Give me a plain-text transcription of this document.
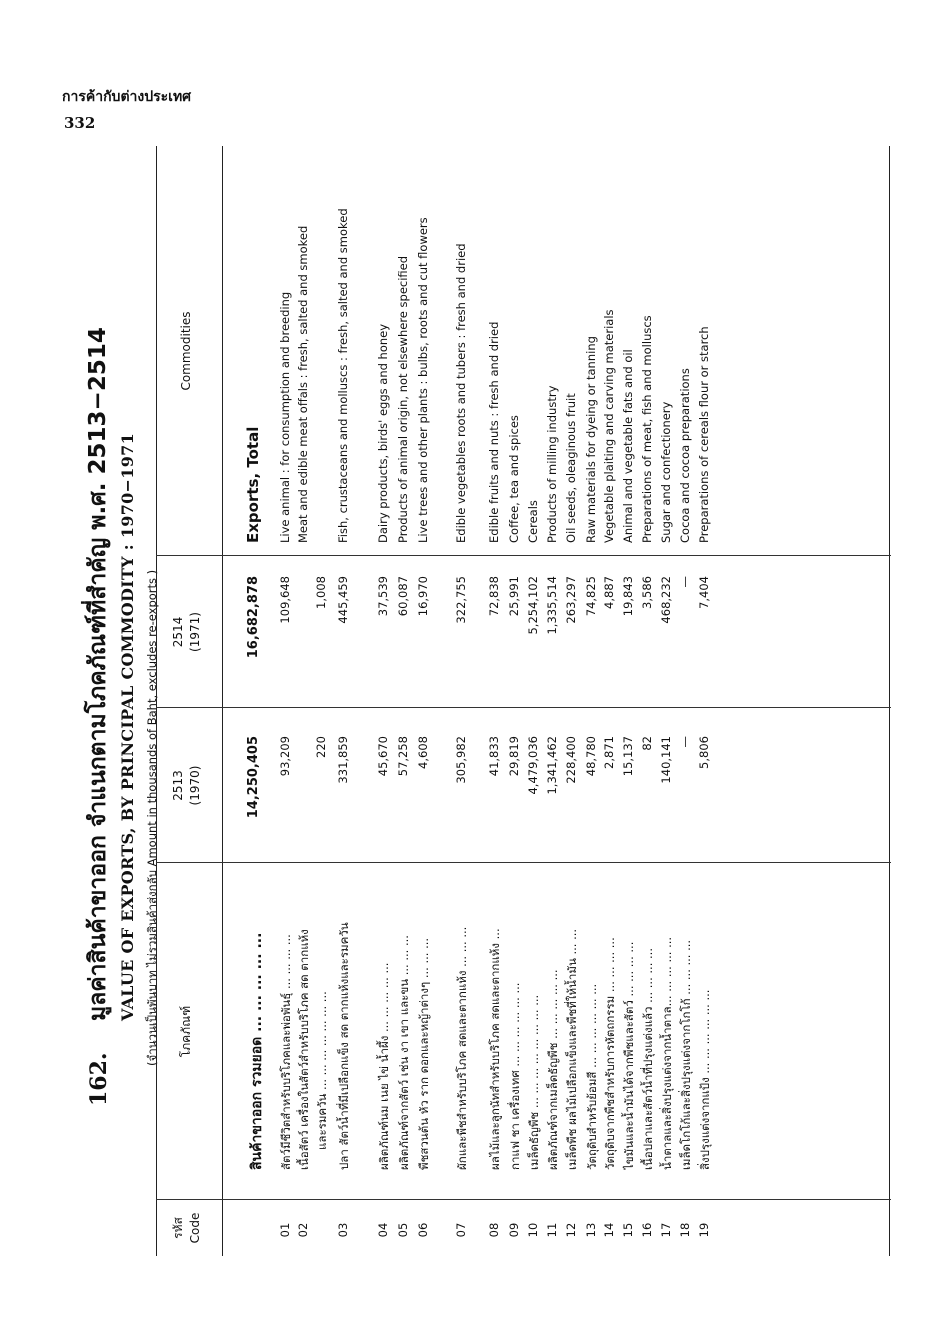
การค้ากับต่างประเทศ
332
162.
มูลค่าสินค้าขาออก จำแนกตามโภคภัณฑ์ที่สำคัญ พ.ศ. 2513−2514 VALUE OF EXPORTS, BY PRINCIPAL COMMODITY : 1970−1971 (จำนวนเป็นพันบาท ไม่รวมสินค้าส่งกลับ Amount in thousands of Baht, excludes re-exports )
รหัส Code
โภคภัณฑ์
2513 (1970)
2514 (1971)
Commodities
สินค้าขาออก รวมยอด ... ... ... ... ...
14,250,405
16,682,878
Exports, Total
01
สัตว์มีชีวิตสำหรับบริโภคและพ่อพันธุ์ ... ... ... ...
93,209
109,648
Live animal : for consumption and breeding
02
เนื้อสัตว์ เครื่องในสัตว์สำหรับบริโภค สด ตากแห้ง
220
1,008
Meat and edible meat offals : fresh, salted and smoked
และรมควัน ... ... ... ... ... ... ...
03
ปลา สัตว์น้ำที่มีเปลือกแข็ง สด ตากแห้งและรมควัน
331,859
445,459
Fish, crustaceans and molluscs : fresh, salted and smoked
04
ผลิตภัณฑ์นม เนย ไข่ น้ำผึ้ง ... ... ... ... ...
45,670
37,539
Dairy products, birds' eggs and honey
05
ผลิตภัณฑ์จากสัตว์ เช่น งา เขา และขน ... ... ...
57,258
60,087
Products of animal origin, not elsewhere specified
06
พืชสวนต้น หัว ราก ดอกและหญ้าต่างๆ ... ... ...
4,608
16,970
Live trees and other plants : bulbs, roots and cut flowers
07
ผักและพืชสำหรับบริโภค สดและตากแห้ง ... ... ...
305,982
322,755
Edible vegetables roots and tubers : fresh and dried
08
ผลไม้และลูกนัทสำหรับบริโภค สดและตากแห้ง ...
41,833
72,838
Edible fruits and nuts : fresh and dried
09
กาแฟ ชา เครื่องเทศ ... ... ... ... ... ...
29,819
25,991
Coffee, tea and spices
10
เมล็ดธัญพืช ... ... ... ... ... ... ... ...
4,479,036
5,254,102
Cereals
11
ผลิตภัณฑ์จากเมล็ดธัญพืช ... ... ... ... ...
1,341,462
1,335,514
Products of milling industry
12
เมล็ดพืช ผลไม้เปลือกแข็งและพืชที่ให้น้ำมัน ... ...
228,400
263,297
Oil seeds, oleaginous fruit
13
วัตถุดิบสำหรับย้อมสี ... ... ... ... ... ...
48,780
74,825
Raw materials for dyeing or tanning
14
วัตถุดิบจากพืชสำหรับการหัตถกรรม ... ... ... ...
2,871
4,887
Vegetable plaiting and carving materials
15
ไขมันและน้ำมันได้จากพืชและสัตว์ ... ... ... ...
15,137
19,843
Animal and vegetable fats and oil
16
เนื้อปลาและสัตว์น้ำที่ปรุงแต่งแล้ว ... ... ... ...
82
3,586
Preparations of meat, fish and molluscs
17
น้ำตาลและสิ่งปรุงแต่งจากน้ำตาล... ... ... ... ...
140,141
468,232
Sugar and confectionery
18
เมล็ดโกโก้และสิ่งปรุงแต่งจากโกโก้ ... ... ... ...
—
—
Cocoa and cocoa preparations
19
สิ่งปรุงแต่งจากแป้ง ... ... ... ... ... ...
5,806
7,404
Preparations of cereals flour or starch
